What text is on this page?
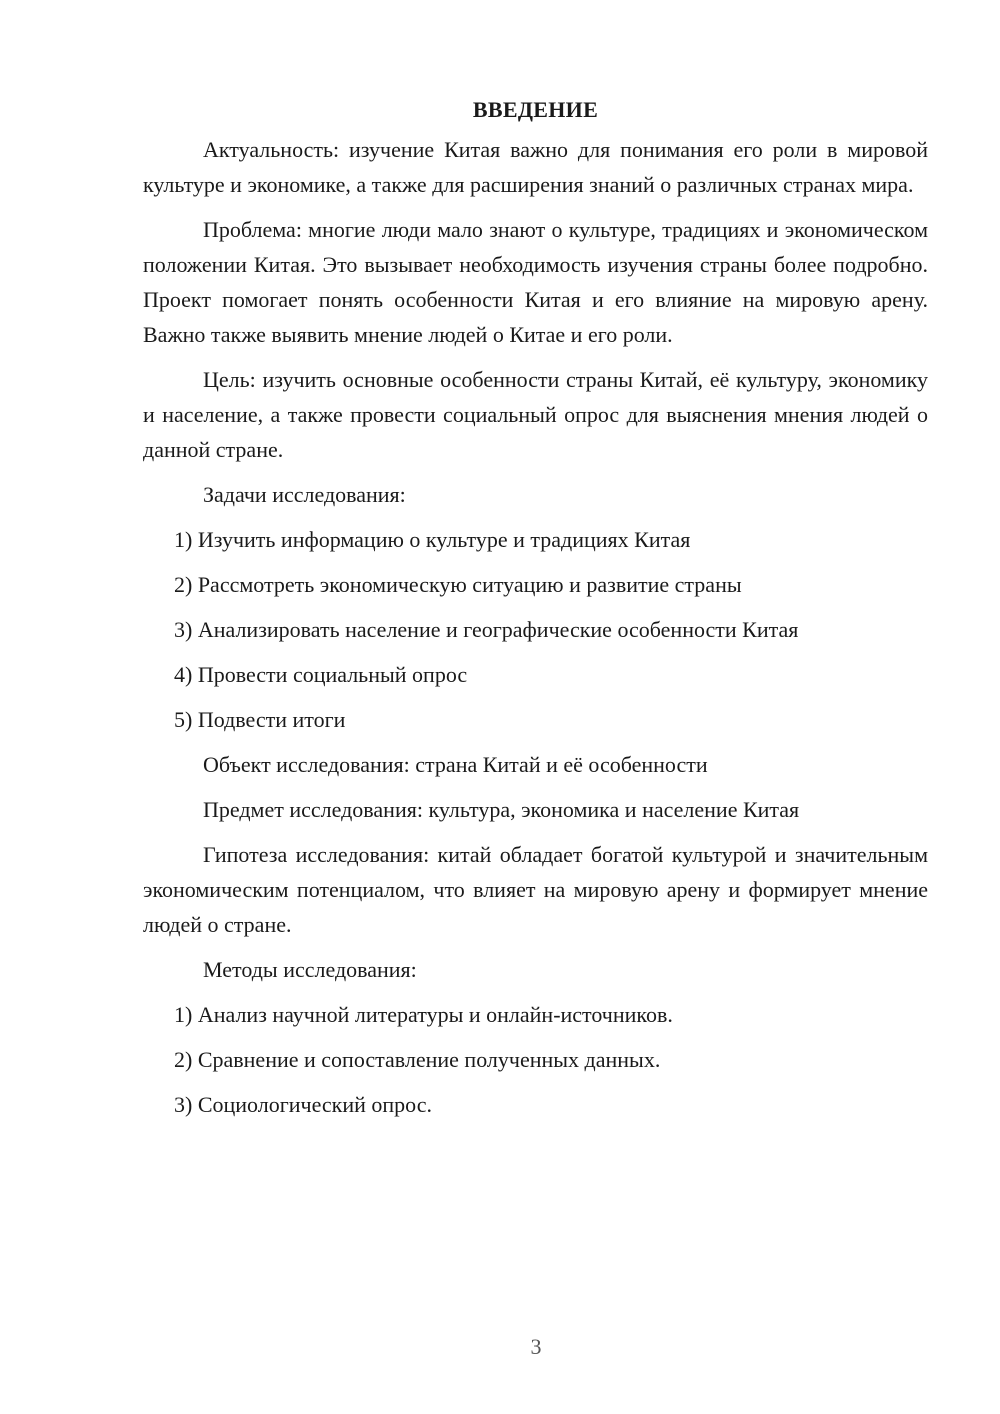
ВВЕДЕНИЕ

Актуальность: изучение Китая важно для понимания его роли в мировой культуре и экономике, а также для расширения знаний о различных странах мира.

Проблема: многие люди мало знают о культуре, традициях и экономическом положении Китая. Это вызывает необходимость изучения страны более подробно. Проект помогает понять особенности Китая и его влияние на мировую арену. Важно также выявить мнение людей о Китае и его роли.

Цель: изучить основные особенности страны Китай, её культуру, экономику и население, а также провести социальный опрос для выяснения мнения людей о данной стране.

Задачи исследования:
1) Изучить информацию о культуре и традициях Китая
2) Рассмотреть экономическую ситуацию и развитие страны
3) Анализировать население и географические особенности Китая
4) Провести социальный опрос
5) Подвести итоги
Объект исследования: страна Китай и её особенности
Предмет исследования: культура, экономика и население Китая

Гипотеза исследования: китай обладает богатой культурой и значительным экономическим потенциалом, что влияет на мировую арену и формирует мнение людей о стране.

Методы исследования:
1) Анализ научной литературы и онлайн-источников.
2) Сравнение и сопоставление полученных данных.
3) Социологический опрос.
3
